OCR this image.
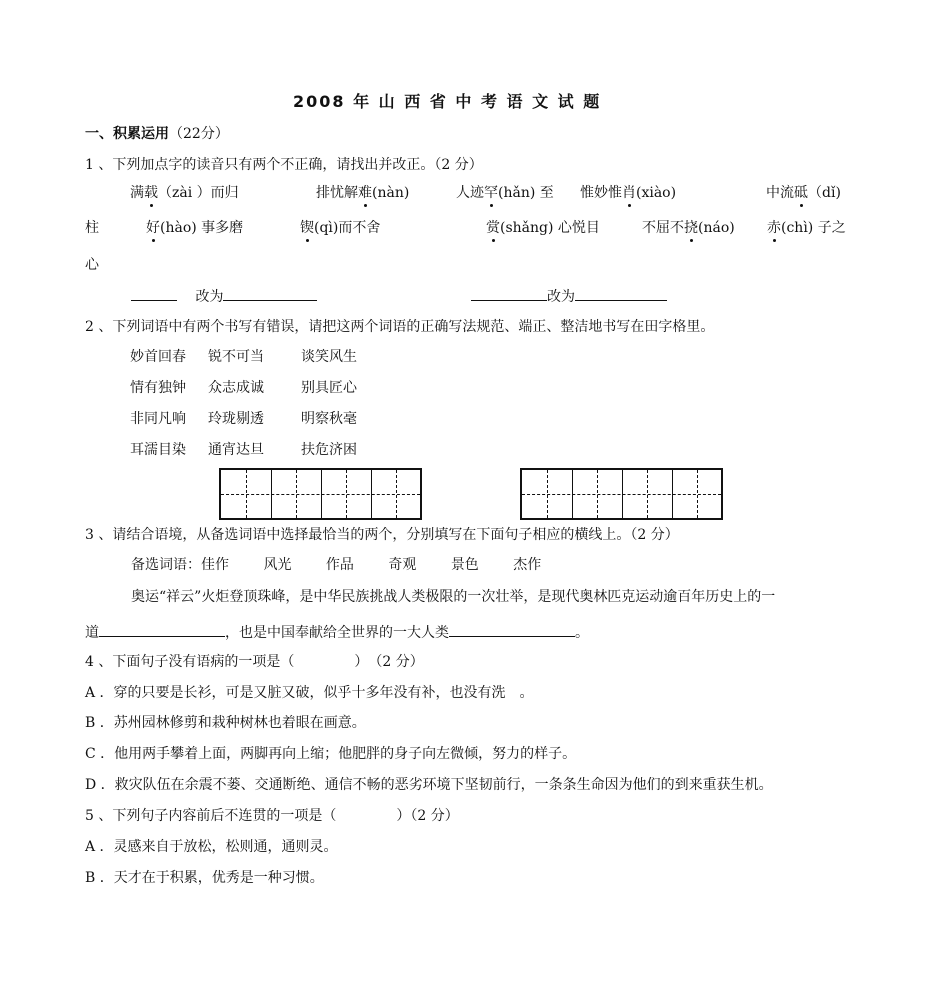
2008 年 山 西 省 中 考 语 文 试 题
一、积累运用（22分）
1 、下列加点字的读音只有两个不正确，请找出并改正。（2 分）
满载（zài ）而归	排忧解难(nàn)	人迹罕(hǎn) 至 惟妙惟肖(xiào)	中流砥（dǐ)
柱	好(hào) 事多磨	锲(qì)而不舍	赏(shǎng) 心悦目	不屈不挠(náo) 赤(chì) 子之
心
改为	改为
2 、下列词语中有两个书写有错误，请把这两个词语的正确写法规范、端正、整洁地书写在田字格里。
妙首回春 锐不可当	谈笑风生
情有独钟 众志成诚	别具匠心
非同凡响 玲珑剔透	明察秋毫
耳濡目染 通宵达旦	扶危济困
3 、请结合语境，从备选词语中选择最恰当的两个，分别填写在下面句子相应的横线上。（2 分）
备选词语：佳作 风光 作品 奇观 景色 杰作
奥运“祥云”火炬登顶珠峰，是中华民族挑战人类极限的一次壮举，是现代奥林匹克运动逾百年历史上的一
道	，也是中国奉献给全世界的一大人类	。
4 、下面句子没有语病的一项是（	）　（2 分）
A ．穿的只要是长衫，可是又脏又破，似乎十多年没有补，也没有洗　。
B ．苏州园林修剪和栽种树林也着眼在画意。
C ．他用两手攀着上面，两脚再向上缩；他肥胖的身子向左微倾，努力的样子。
D ．救灾队伍在余震不蒌、交通断绝、通信不畅的恶劣环境下坚韧前行，一条条生命因为他们的到来重获生机。
5 、下列句子内容前后不连贯的一项是（	）（2 分）
A ．灵感来自于放松，松则通，通则灵。
B ．天才在于积累，优秀是一种习惯。
